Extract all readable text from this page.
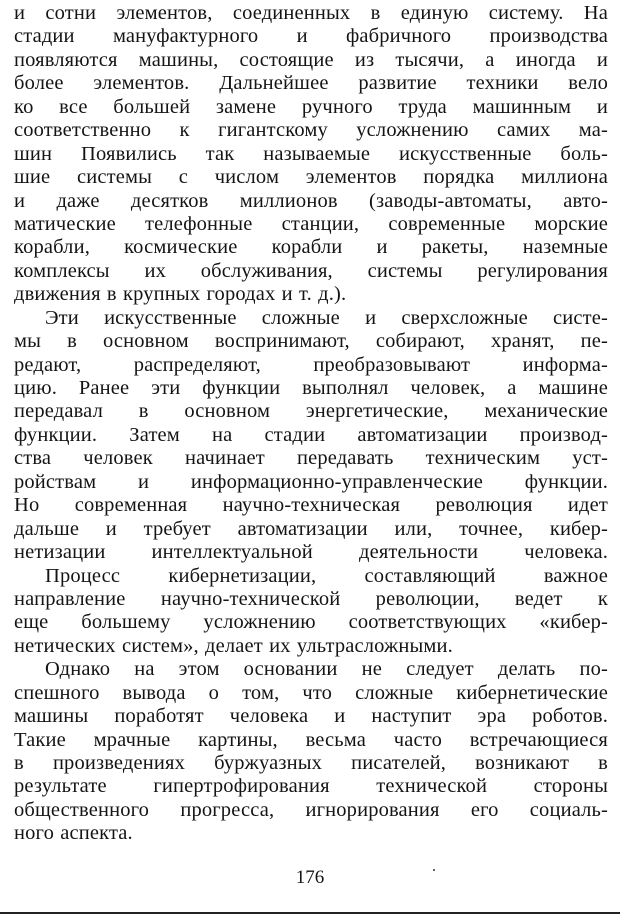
и сотни элементов, соединенных в единую систему. На
стадии мануфактурного и фабричного производства
появляются машины, состоящие из тысячи, а иногда и
более элементов. Дальнейшее развитие техники вело
ко все большей замене ручного труда машинным и
соответственно к гигантскому усложнению самих ма-
шин Появились так называемые искусственные боль-
шие системы с числом элементов порядка миллиона
и даже десятков миллионов (заводы-автоматы, авто-
матические телефонные станции, современные морские
корабли, космические корабли и ракеты, наземные
комплексы их обслуживания, системы регулирования
движения в крупных городах и т. д.).
Эти искусственные сложные и сверхсложные систе-
мы в основном воспринимают, собирают, хранят, пе-
редают, распределяют, преобразовывают информа-
цию. Ранее эти функции выполнял человек, а машине
передавал в основном энергетические, механические
функции. Затем на стадии автоматизации производ-
ства человек начинает передавать техническим уст-
ройствам и информационно-управленческие функции.
Но современная научно-техническая революция идет
дальше и требует автоматизации или, точнее, кибер-
нетизации интеллектуальной деятельности человека.
Процесс кибернетизации, составляющий важное
направление научно-технической революции, ведет к
еще большему усложнению соответствующих «кибер-
нетических систем», делает их ультрасложными.
Однако на этом основании не следует делать по-
спешного вывода о том, что сложные кибернетические
машины поработят человека и наступит эра роботов.
Такие мрачные картины, весьма часто встречающиеся
в произведениях буржуазных писателей, возникают в
результате гипертрофирования технической стороны
общественного прогресса, игнорирования его социаль-
ного аспекта.
176
